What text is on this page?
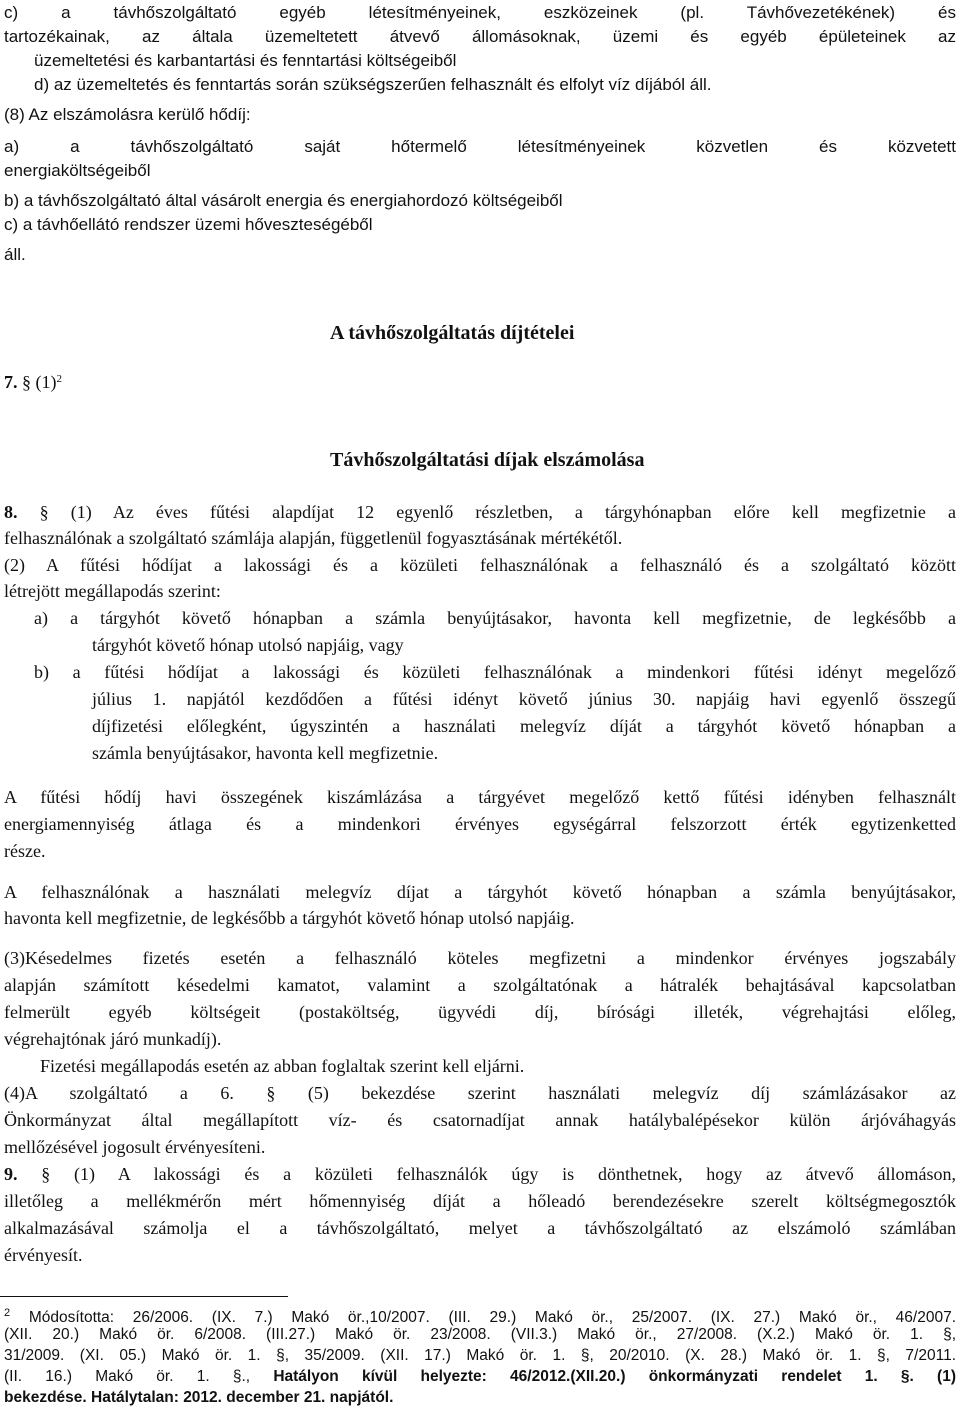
c) a távhőszolgáltató egyéb létesítményeinek, eszközeinek (pl. Távhővezetékének) és
tartozékainak, az általa üzemeltetett átvevő állomásoknak, üzemi és egyéb épületeinek az
üzemeltetési és karbantartási és fenntartási költségeiből
d) az üzemeltetés és fenntartás során szükségszerűen felhasznált és elfolyt víz díjából áll.
(8) Az elszámolásra kerülő hődíj:
a) a távhőszolgáltató saját hőtermelő létesítményeinek közvetlen és közvetett
energiaköltségeiből
b) a távhőszolgáltató által vásárolt energia és energiahordozó költségeiből
c) a távhőellátó rendszer üzemi hőveszteségéből
áll.
A távhőszolgáltatás díjtételei
7. § $(1)^2$
Távhőszolgáltatási díjak elszámolása
8. § (1) Az éves fűtési alapdíjat 12 egyenlő részletben, a tárgyhónapban előre kell megfizetnie a
felhasználónak a szolgáltató számlája alapján, függetlenül fogyasztásának mértékétől.
(2) A fűtési hődíjat a lakossági és a közületi felhasználónak a felhasználó és a szolgáltató között
létrejött megállapodás szerint:
a) a tárgyhót követő hónapban a számla benyújtásakor, havonta kell megfizetnie, de legkésőbb a
tárgyhót követő hónap utolsó napjáig, vagy
b) a fűtési hődíjat a lakossági és közületi felhasználónak a mindenkori fűtési idényt megelőző
július 1. napjától kezdődően a fűtési idényt követő június 30. napjáig havi egyenlő összegű
díjfizetési előlegként, úgyszintén a használati melegvíz díját a tárgyhót követő hónapban a
számla benyújtásakor, havonta kell megfizetnie.
A fűtési hődíj havi összegének kiszámlázása a tárgyévet megelőző kettő fűtési idényben felhasznált
energiamennyiség átlaga és a mindenkori érvényes egységárral felszorzott érték egytizenketted
része.
A felhasználónak a használati melegvíz díjat a tárgyhót követő hónapban a számla benyújtásakor,
havonta kell megfizetnie, de legkésőbb a tárgyhót követő hónap utolsó napjáig.
(3)Késedelmes fizetés esetén a felhasználó köteles megfizetni a mindenkor érvényes jogszabály
alapján számított késedelmi kamatot, valamint a szolgáltatónak a hátralék behajtásával kapcsolatban
felmerült egyéb költségeit (postaköltség, ügyvédi díj, bírósági illeték, végrehajtási előleg,
végrehajtónak járó munkadíj).
Fizetési megállapodás esetén az abban foglaltak szerint kell eljárni.
(4)A szolgáltató a 6. § (5) bekezdése szerint használati melegvíz díj számlázásakor az
Önkormányzat által megállapított víz- és csatornadíjat annak hatálybalépésekor külön árjóváhagyás
mellőzésével jogosult érvényesíteni.
9. § (1) A lakossági és a közületi felhasználók úgy is dönthetnek, hogy az átvevő állomáson,
illetőleg a mellékmérőn mért hőmennyiség díját a hőleadó berendezésekre szerelt költségmegosztók
alkalmazásával számolja el a távhőszolgáltató, melyet a távhőszolgáltató az elszámoló számlában
érvényesít.
$^2$ Módosította: 26/2006. (IX. 7.) Makó ör.,10/2007. (III. 29.) Makó ör., 25/2007. (IX. 27.) Makó ör., 46/2007.
(XII. 20.) Makó ör. 6/2008. (III.27.) Makó ör. 23/2008. (VII.3.) Makó ör., 27/2008. (X.2.) Makó ör. 1. §,
31/2009. (XI. 05.) Makó ör. 1. §, 35/2009. (XII. 17.) Makó ör. 1. §, 20/2010. (X. 28.) Makó ör. 1. §, 7/2011.
(II. 16.) Makó ör. 1. §., Hatályon kívül helyezte: 46/2012.(XII.20.) önkormányzati rendelet 1. §. (1)
bekezdése. Hatálytalan: 2012. december 21. napjától.
